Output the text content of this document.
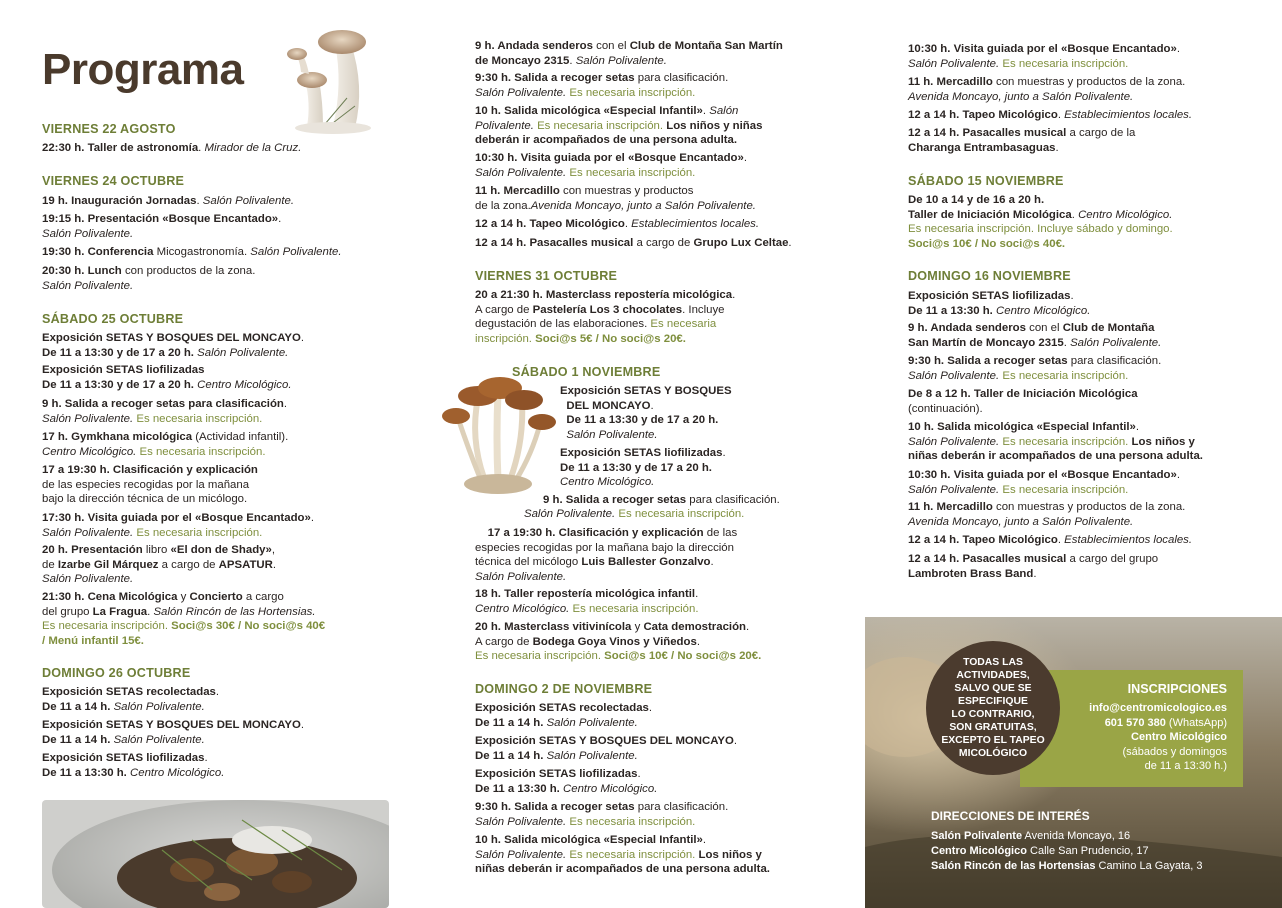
Programa
VIERNES 22 AGOSTO
22:30 h. Taller de astronomía. Mirador de la Cruz.
VIERNES 24 OCTUBRE
19 h. Inauguración Jornadas. Salón Polivalente.
19:15 h. Presentación «Bosque Encantado».
Salón Polivalente.
19:30 h. Conferencia Micogastronomía. Salón Polivalente.
20:30 h. Lunch con productos de la zona.
Salón Polivalente.
SÁBADO 25 OCTUBRE
Exposición SETAS Y BOSQUES DEL MONCAYO.
De 11 a 13:30 y de 17 a 20 h. Salón Polivalente.
Exposición SETAS liofilizadas
De 11 a 13:30 y de 17 a 20 h. Centro Micológico.
9 h. Salida a recoger setas para clasificación.
Salón Polivalente. Es necesaria inscripción.
17 h. Gymkhana micológica (Actividad infantil).
Centro Micológico. Es necesaria inscripción.
17 a 19:30 h. Clasificación y explicación
de las especies recogidas por la mañana
bajo la dirección técnica de un micólogo.
17:30 h. Visita guiada por el «Bosque Encantado».
Salón Polivalente. Es necesaria inscripción.
20 h. Presentación libro «El don de Shady»,
de Izarbe Gil Márquez a cargo de APSATUR.
Salón Polivalente.
21:30 h. Cena Micológica y Concierto a cargo
del grupo La Fragua. Salón Rincón de las Hortensias.
Es necesaria inscripción. Soci@s 30€ / No soci@s 40€
/ Menú infantil 15€.
DOMINGO 26 OCTUBRE
Exposición SETAS recolectadas.
De 11 a 14 h. Salón Polivalente.
Exposición SETAS Y BOSQUES DEL MONCAYO.
De 11 a 14 h. Salón Polivalente.
Exposición SETAS liofilizadas.
De 11 a 13:30 h. Centro Micológico.
9 h. Andada senderos con el Club de Montaña San Martín
de Moncayo 2315. Salón Polivalente.
9:30 h. Salida a recoger setas para clasificación.
Salón Polivalente. Es necesaria inscripción.
10 h. Salida micológica «Especial Infantil». Salón
Polivalente. Es necesaria inscripción. Los niños y niñas
deberán ir acompañados de una persona adulta.
10:30 h. Visita guiada por el «Bosque Encantado».
Salón Polivalente. Es necesaria inscripción.
11 h. Mercadillo con muestras y productos
de la zona.Avenida Moncayo, junto a Salón Polivalente.
12 a 14 h. Tapeo Micológico. Establecimientos locales.
12 a 14 h. Pasacalles musical a cargo de Grupo Lux Celtae.
VIERNES 31 OCTUBRE
20 a 21:30 h. Masterclass repostería micológica.
A cargo de Pastelería Los 3 chocolates. Incluye
degustación de las elaboraciones. Es necesaria
inscripción. Soci@s 5€ / No soci@s 20€.
SÁBADO 1 NOVIEMBRE
Exposición SETAS Y BOSQUES
DEL MONCAYO.
De 11 a 13:30 y de 17 a 20 h.
Salón Polivalente.
Exposición SETAS liofilizadas.
De 11 a 13:30 y de 17 a 20 h.
Centro Micológico.
9 h. Salida a recoger setas para clasificación.
Salón Polivalente. Es necesaria inscripción.
17 a 19:30 h. Clasificación y explicación de las
especies recogidas por la mañana bajo la dirección
técnica del micólogo Luis Ballester Gonzalvo.
Salón Polivalente.
18 h. Taller repostería micológica infantil.
Centro Micológico. Es necesaria inscripción.
20 h. Masterclass vitivinícola y Cata demostración.
A cargo de Bodega Goya Vinos y Viñedos.
Es necesaria inscripción. Soci@s 10€ / No soci@s 20€.
DOMINGO 2 DE NOVIEMBRE
Exposición SETAS recolectadas.
De 11 a 14 h. Salón Polivalente.
Exposición SETAS Y BOSQUES DEL MONCAYO.
De 11 a 14 h. Salón Polivalente.
Exposición SETAS liofilizadas.
De 11 a 13:30 h. Centro Micológico.
9:30 h. Salida a recoger setas para clasificación.
Salón Polivalente. Es necesaria inscripción.
10 h. Salida micológica «Especial Infantil».
Salón Polivalente. Es necesaria inscripción. Los niños y
niñas deberán ir acompañados de una persona adulta.
10:30 h. Visita guiada por el «Bosque Encantado».
Salón Polivalente. Es necesaria inscripción.
11 h. Mercadillo con muestras y productos de la zona.
Avenida Moncayo, junto a Salón Polivalente.
12 a 14 h. Tapeo Micológico. Establecimientos locales.
12 a 14 h. Pasacalles musical a cargo de la
Charanga Entrambasaguas.
SÁBADO 15 NOVIEMBRE
De 10 a 14 y de 16 a 20 h.
Taller de Iniciación Micológica. Centro Micológico.
Es necesaria inscripción. Incluye sábado y domingo.
Soci@s 10€ / No soci@s 40€.
DOMINGO 16 NOVIEMBRE
Exposición SETAS liofilizadas.
De 11 a 13:30 h. Centro Micológico.
9 h. Andada senderos con el Club de Montaña
San Martín de Moncayo 2315. Salón Polivalente.
9:30 h. Salida a recoger setas para clasificación.
Salón Polivalente. Es necesaria inscripción.
De 8 a 12 h. Taller de Iniciación Micológica
(continuación).
10 h. Salida micológica «Especial Infantil».
Salón Polivalente. Es necesaria inscripción. Los niños y
niñas deberán ir acompañados de una persona adulta.
10:30 h. Visita guiada por el «Bosque Encantado».
Salón Polivalente. Es necesaria inscripción.
11 h. Mercadillo con muestras y productos de la zona.
Avenida Moncayo, junto a Salón Polivalente.
12 a 14 h. Tapeo Micológico. Establecimientos locales.
12 a 14 h. Pasacalles musical a cargo del grupo
Lambroten Brass Band.
TODAS LAS
ACTIVIDADES,
SALVO QUE SE
ESPECIFIQUE
LO CONTRARIO,
SON GRATUITAS,
EXCEPTO EL TAPEO
MICOLÓGICO
INSCRIPCIONES
info@centromicologico.es
601 570 380 (WhatsApp)
Centro Micológico
(sábados y domingos
de 11 a 13:30 h.)
DIRECCIONES DE INTERÉS
Salón Polivalente Avenida Moncayo, 16
Centro Micológico Calle San Prudencio, 17
Salón Rincón de las Hortensias Camino La Gayata, 3
